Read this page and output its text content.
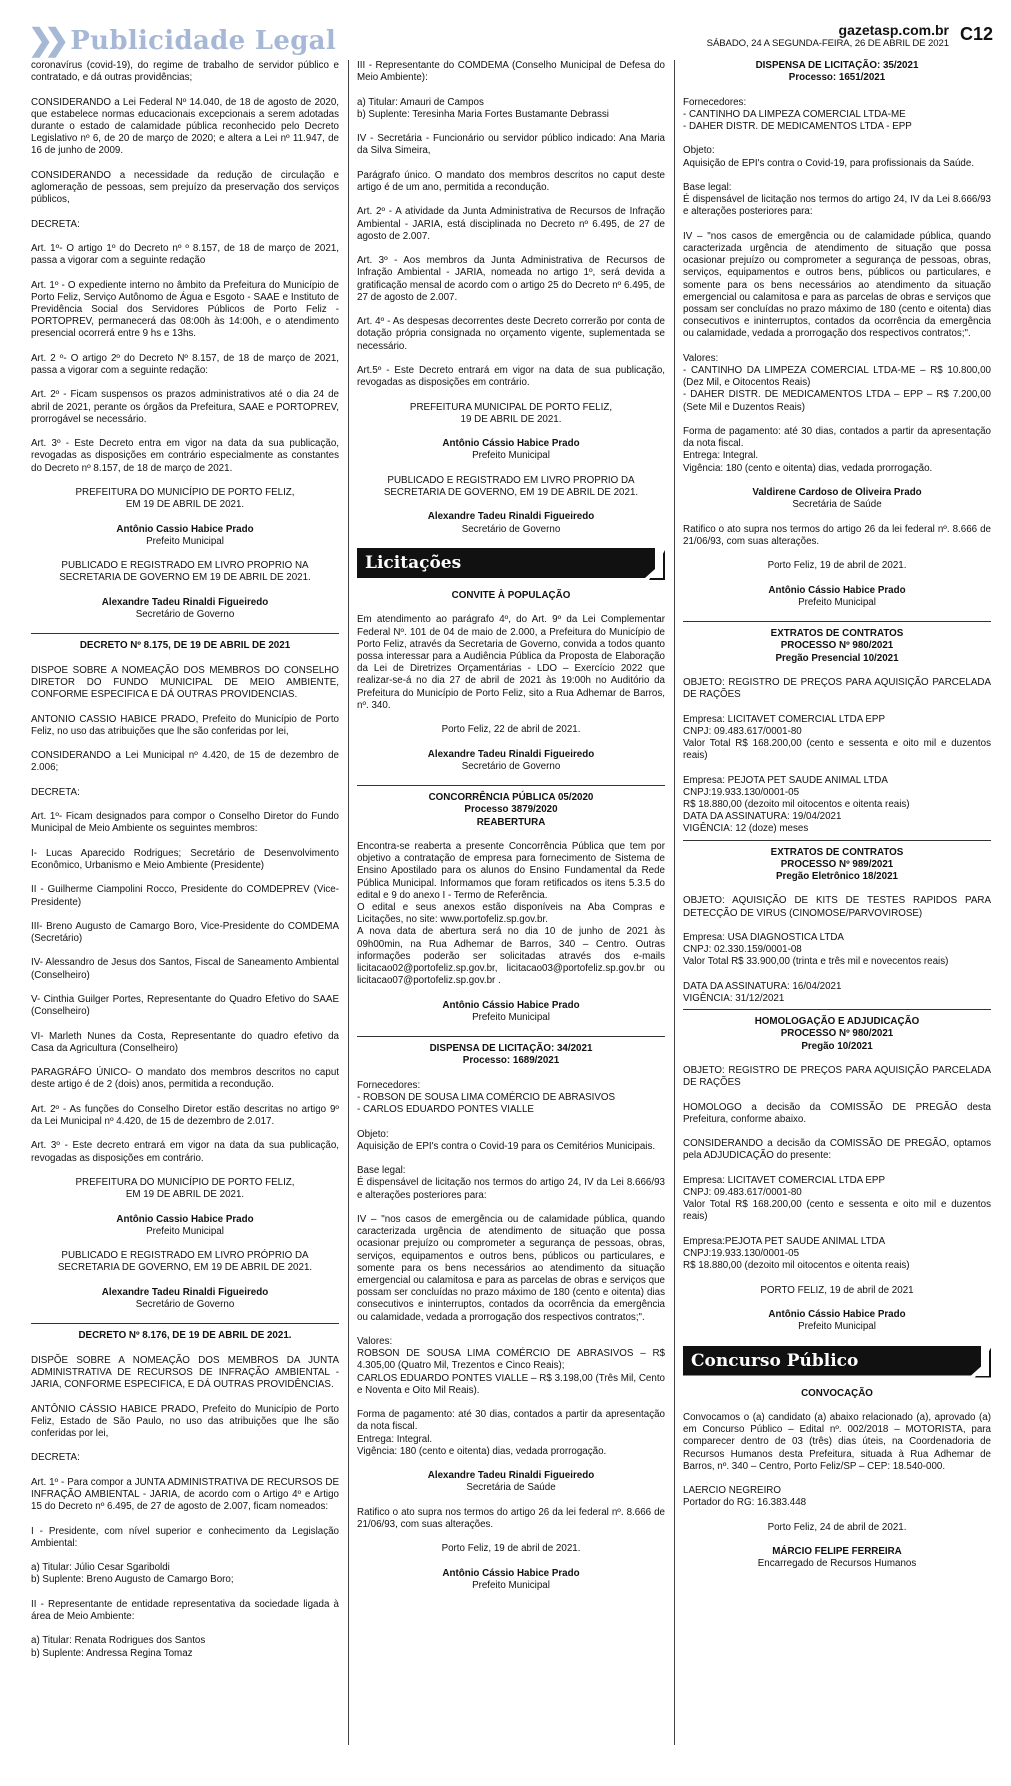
❯❯ Publicidade Legal	gazetasp.com.br
SÁBADO, 24 A SEGUNDA-FEIRA, 26 DE ABRIL DE 2021 C12

coronavírus (covid-19), do regime de trabalho de servidor público e contratado, e dá outras providências;

CONSIDERANDO a Lei Federal Nº 14.040, de 18 de agosto de 2020, que estabelece normas educacionais excepcionais a serem adotadas durante o estado de calamidade pública reconhecido pelo Decreto Legislativo nº 6, de 20 de março de 2020; e altera a Lei nº 11.947, de 16 de junho de 2009.

CONSIDERANDO a necessidade da redução de circulação e aglomeração de pessoas, sem prejuízo da preservação dos serviços públicos,

DECRETA:

Art. 1º- O artigo 1º do Decreto nº º 8.157, de 18 de março de 2021, passa a vigorar com a seguinte redação

Art. 1º - O expediente interno no âmbito da Prefeitura do Município de Porto Feliz, Serviço Autônomo de Água e Esgoto - SAAE e Instituto de Previdência Social dos Servidores Públicos de Porto Feliz - PORTOPREV, permanecerá das 08:00h às 14:00h, e o atendimento presencial ocorrerá entre 9 hs e 13hs.

Art. 2 º- O artigo 2º do Decreto Nº 8.157, de 18 de março de 2021, passa a vigorar com a seguinte redação:

Art. 2º - Ficam suspensos os prazos administrativos até o dia 24 de abril de 2021, perante os órgãos da Prefeitura, SAAE e PORTOPREV, prorrogável se necessário.

Art. 3º - Este Decreto entra em vigor na data da sua publicação, revogadas as disposições em contrário especialmente as constantes do Decreto nº 8.157, de 18 de março de 2021.

PREFEITURA DO MUNICÍPIO DE PORTO FELIZ,
EM 19 DE ABRIL DE 2021.
Antônio Cassio Habice Prado
Prefeito Municipal
PUBLICADO E REGISTRADO EM LIVRO PROPRIO NA
SECRETARIA DE GOVERNO EM 19 DE ABRIL DE 2021.
Alexandre Tadeu Rinaldi Figueiredo
Secretário de Governo

DECRETO Nº 8.175, DE 19 DE ABRIL DE 2021

DISPOE SOBRE A NOMEAÇÃO DOS MEMBROS DO CONSELHO DIRETOR DO FUNDO MUNICIPAL DE MEIO AMBIENTE, CONFORME ESPECIFICA E DÁ OUTRAS PROVIDENCIAS.

ANTONIO CASSIO HABICE PRADO, Prefeito do Município de Porto Feliz, no uso das atribuições que lhe são conferidas por lei,

CONSIDERANDO a Lei Municipal nº 4.420, de 15 de dezembro de 2.006;

DECRETA:

Art. 1º- Ficam designados para compor o Conselho Diretor do Fundo Municipal de Meio Ambiente os seguintes membros:

I- Lucas Aparecido Rodrigues; Secretário de Desenvolvimento Econômico, Urbanismo e Meio Ambiente (Presidente)

II - Guilherme Ciampolini Rocco, Presidente do COMDEPREV (Vice-Presidente)

III- Breno Augusto de Camargo Boro, Vice-Presidente do COMDEMA (Secretário)

IV- Alessandro de Jesus dos Santos, Fiscal de Saneamento Ambiental (Conselheiro)

V- Cinthia Guilger Portes, Representante do Quadro Efetivo do SAAE (Conselheiro)

VI- Marleth Nunes da Costa, Representante do quadro efetivo da Casa da Agricultura (Conselheiro)

PARAGRÁFO ÚNICO- O mandato dos membros descritos no caput deste artigo é de 2 (dois) anos, permitida a recondução.

Art. 2º - As funções do Conselho Diretor estão descritas no artigo 9º da Lei Municipal nº 4.420, de 15 de dezembro de 2.017.

Art. 3º - Este decreto entrará em vigor na data da sua publicação, revogadas as disposições em contrário.

PREFEITURA DO MUNICÍPIO DE PORTO FELIZ,
EM 19 DE ABRIL DE 2021.
Antônio Cassio Habice Prado
Prefeito Municipal
PUBLICADO E REGISTRADO EM LIVRO PRÓPRIO DA
SECRETARIA DE GOVERNO, EM 19 DE ABRIL DE 2021.
Alexandre Tadeu Rinaldi Figueiredo
Secretário de Governo

DECRETO Nº 8.176, DE 19 DE ABRIL DE 2021.

DISPÕE SOBRE A NOMEAÇÃO DOS MEMBROS DA JUNTA ADMINISTRATIVA DE RECURSOS DE INFRAÇÃO AMBIENTAL - JARIA, CONFORME ESPECIFICA, E DÁ OUTRAS PROVIDÊNCIAS.

ANTÔNIO CÁSSIO HABICE PRADO, Prefeito do Município de Porto Feliz, Estado de São Paulo, no uso das atribuições que lhe são conferidas por lei,

DECRETA:

Art. 1º - Para compor a JUNTA ADMINISTRATIVA DE RECURSOS DE INFRAÇÃO AMBIENTAL - JARIA, de acordo com o Artigo 4º e Artigo 15 do Decreto nº 6.495, de 27 de agosto de 2.007, ficam nomeados:

I - Presidente, com nível superior e conhecimento da Legislação Ambiental:

a) Titular: Júlio Cesar Sgariboldi

b) Suplente: Breno Augusto de Camargo Boro;

II - Representante de entidade representativa da sociedade ligada à área de Meio Ambiente:

a) Titular: Renata Rodrigues dos Santos

b) Suplente: Andressa Regina Tomaz

III - Representante do COMDEMA (Conselho Municipal de Defesa do Meio Ambiente):

a) Titular: Amauri de Campos

b) Suplente: Teresinha Maria Fortes Bustamante Debrassi

IV - Secretária - Funcionário ou servidor público indicado: Ana Maria da Silva Simeira,

Parágrafo único. O mandato dos membros descritos no caput deste artigo é de um ano, permitida a recondução.

Art. 2º - A atividade da Junta Administrativa de Recursos de Infração Ambiental - JARIA, está disciplinada no Decreto nº 6.495, de 27 de agosto de 2.007.

Art. 3º - Aos membros da Junta Administrativa de Recursos de Infração Ambiental - JARIA, nomeada no artigo 1º, será devida a gratificação mensal de acordo com o artigo 25 do Decreto nº 6.495, de 27 de agosto de 2.007.

Art. 4º - As despesas decorrentes deste Decreto correrão por conta de dotação própria consignada no orçamento vigente, suplementada se necessário.

Art.5º - Este Decreto entrará em vigor na data de sua publicação, revogadas as disposições em contrário.

PREFEITURA MUNICIPAL DE PORTO FELIZ,
19 DE ABRIL DE 2021.
Antônio Cássio Habice Prado
Prefeito Municipal
PUBLICADO E REGISTRADO EM LIVRO PROPRIO DA
SECRETARIA DE GOVERNO, EM 19 DE ABRIL DE 2021.
Alexandre Tadeu Rinaldi Figueiredo
Secretário de Governo
Licitações

CONVITE À POPULAÇÃO

Em atendimento ao parágrafo 4º, do Art. 9º da Lei Complementar Federal Nº. 101 de 04 de maio de 2.000, a Prefeitura do Município de Porto Feliz, através da Secretaria de Governo, convida a todos quanto possa interessar para a Audiência Pública da Proposta de Elaboração da Lei de Diretrizes Orçamentárias - LDO – Exercício 2022 que realizar-se-á no dia 27 de abril de 2021 às 19:00h no Auditório da Prefeitura do Município de Porto Feliz, sito a Rua Adhemar de Barros, nº. 340.

Porto Feliz, 22 de abril de 2021.

Alexandre Tadeu Rinaldi Figueiredo
Secretário de Governo
CONCORRÊNCIA PÚBLICA 05/2020
Processo 3879/2020
REABERTURA

Encontra-se reaberta a presente Concorrência Pública que tem por objetivo a contratação de empresa para fornecimento de Sistema de Ensino Apostilado para os alunos do Ensino Fundamental da Rede Pública Municipal. Informamos que foram retificados os itens 5.3.5 do edital e 9 do anexo I - Termo de Referência.

O edital e seus anexos estão disponíveis na Aba Compras e Licitações, no site: www.portofeliz.sp.gov.br.

A nova data de abertura será no dia 10 de junho de 2021 às 09h00min, na Rua Adhemar de Barros, 340 – Centro. Outras informações poderão ser solicitadas através dos e-mails licitacao02@portofeliz.sp.gov.br, licitacao03@portofeliz.sp.gov.br ou licitacao07@portofeliz.sp.gov.br .

Antônio Cássio Habice Prado
Prefeito Municipal
DISPENSA DE LICITAÇÃO: 34/2021
Processo: 1689/2021

Fornecedores:

- ROBSON DE SOUSA LIMA COMÉRCIO DE ABRASIVOS

- CARLOS EDUARDO PONTES VIALLE

Objeto:

Aquisição de EPI's contra o Covid-19 para os Cemitérios Municipais.

Base legal:

É dispensável de licitação nos termos do artigo 24, IV da Lei 8.666/93 e alterações posteriores para:

IV – "nos casos de emergência ou de calamidade pública, quando caracterizada urgência de atendimento de situação que possa ocasionar prejuízo ou comprometer a segurança de pessoas, obras, serviços, equipamentos e outros bens, públicos ou particulares, e somente para os bens necessários ao atendimento da situação emergencial ou calamitosa e para as parcelas de obras e serviços que possam ser concluídas no prazo máximo de 180 (cento e oitenta) dias consecutivos e ininterruptos, contados da ocorrência da emergência ou calamidade, vedada a prorrogação dos respectivos contratos;".

Valores:

ROBSON DE SOUSA LIMA COMÉRCIO DE ABRASIVOS – R$ 4.305,00 (Quatro Mil, Trezentos e Cinco Reais);

CARLOS EDUARDO PONTES VIALLE – R$ 3.198,00 (Três Mil, Cento e Noventa e Oito Mil Reais).

Forma de pagamento: até 30 dias, contados a partir da apresentação da nota fiscal.

Entrega: Integral.

Vigência: 180 (cento e oitenta) dias, vedada prorrogação.

Alexandre Tadeu Rinaldi Figueiredo
Secretária de Saúde

Ratifico o ato supra nos termos do artigo 26 da lei federal nº. 8.666 de 21/06/93, com suas alterações.

Porto Feliz, 19 de abril de 2021.

Antônio Cássio Habice Prado
Prefeito Municipal
DISPENSA DE LICITAÇÃO: 35/2021
Processo: 1651/2021

Fornecedores:

- CANTINHO DA LIMPEZA COMERCIAL LTDA-ME

- DAHER DISTR. DE MEDICAMENTOS LTDA - EPP

Objeto:

Aquisição de EPI's contra o Covid-19, para profissionais da Saúde.

Base legal:

É dispensável de licitação nos termos do artigo 24, IV da Lei 8.666/93 e alterações posteriores para:

IV – "nos casos de emergência ou de calamidade pública, quando caracterizada urgência de atendimento de situação que possa ocasionar prejuízo ou comprometer a segurança de pessoas, obras, serviços, equipamentos e outros bens, públicos ou particulares, e somente para os bens necessários ao atendimento da situação emergencial ou calamitosa e para as parcelas de obras e serviços que possam ser concluídas no prazo máximo de 180 (cento e oitenta) dias consecutivos e ininterruptos, contados da ocorrência da emergência ou calamidade, vedada a prorrogação dos respectivos contratos;".

Valores:

- CANTINHO DA LIMPEZA COMERCIAL LTDA-ME – R$ 10.800,00 (Dez Mil, e Oitocentos Reais)

- DAHER DISTR. DE MEDICAMENTOS LTDA – EPP – R$ 7.200,00 (Sete Mil e Duzentos Reais)

Forma de pagamento: até 30 dias, contados a partir da apresentação da nota fiscal.

Entrega: Integral.

Vigência: 180 (cento e oitenta) dias, vedada prorrogação.

Valdirene Cardoso de Oliveira Prado
Secretária de Saúde

Ratifico o ato supra nos termos do artigo 26 da lei federal nº. 8.666 de 21/06/93, com suas alterações.

Porto Feliz, 19 de abril de 2021.

Antônio Cássio Habice Prado
Prefeito Municipal
EXTRATOS DE CONTRATOS
PROCESSO Nº 980/2021
Pregão Presencial 10/2021

OBJETO: REGISTRO DE PREÇOS PARA AQUISIÇÃO PARCELADA DE RAÇÕES

Empresa: LICITAVET COMERCIAL LTDA EPP

CNPJ: 09.483.617/0001-80

Valor Total R$ 168.200,00 (cento e sessenta e oito mil e duzentos reais)

Empresa: PEJOTA PET SAUDE ANIMAL LTDA

CNPJ:19.933.130/0001-05

R$ 18.880,00 (dezoito mil oitocentos e oitenta reais)

DATA DA ASSINATURA: 19/04/2021

VIGÊNCIA: 12 (doze) meses

EXTRATOS DE CONTRATOS
PROCESSO Nº 989/2021
Pregão Eletrônico 18/2021

OBJETO: AQUISIÇÃO DE KITS DE TESTES RAPIDOS PARA DETECÇÃO DE VIRUS (CINOMOSE/PARVOVIROSE)

Empresa: USA DIAGNOSTICA LTDA

CNPJ: 02.330.159/0001-08

Valor Total R$ 33.900,00 (trinta e três mil e novecentos reais)

DATA DA ASSINATURA: 16/04/2021

VIGÊNCIA: 31/12/2021

HOMOLOGAÇÃO E ADJUDICAÇÃO
PROCESSO Nº 980/2021
Pregão 10/2021

OBJETO: REGISTRO DE PREÇOS PARA AQUISIÇÃO PARCELADA DE RAÇÕES

HOMOLOGO a decisão da COMISSÃO DE PREGÃO desta Prefeitura, conforme abaixo.

CONSIDERANDO a decisão da COMISSÃO DE PREGÃO, optamos pela ADJUDICAÇÃO do presente:

Empresa: LICITAVET COMERCIAL LTDA EPP

CNPJ: 09.483.617/0001-80

Valor Total R$ 168.200,00 (cento e sessenta e oito mil e duzentos reais)

Empresa:PEJOTA PET SAUDE ANIMAL LTDA

CNPJ:19.933.130/0001-05

R$ 18.880,00 (dezoito mil oitocentos e oitenta reais)

PORTO FELIZ, 19 de abril de 2021

Antônio Cássio Habice Prado
Prefeito Municipal
Concurso Público

CONVOCAÇÃO

Convocamos o (a) candidato (a) abaixo relacionado (a), aprovado (a) em Concurso Público – Edital nº. 002/2018 – MOTORISTA, para comparecer dentro de 03 (três) dias úteis, na Coordenadoria de Recursos Humanos desta Prefeitura, situada à Rua Adhemar de Barros, nº. 340 – Centro, Porto Feliz/SP – CEP: 18.540-000.

LAERCIO NEGREIRO

Portador do RG: 16.383.448

Porto Feliz, 24 de abril de 2021.

MÁRCIO FELIPE FERREIRA
Encarregado de Recursos Humanos
